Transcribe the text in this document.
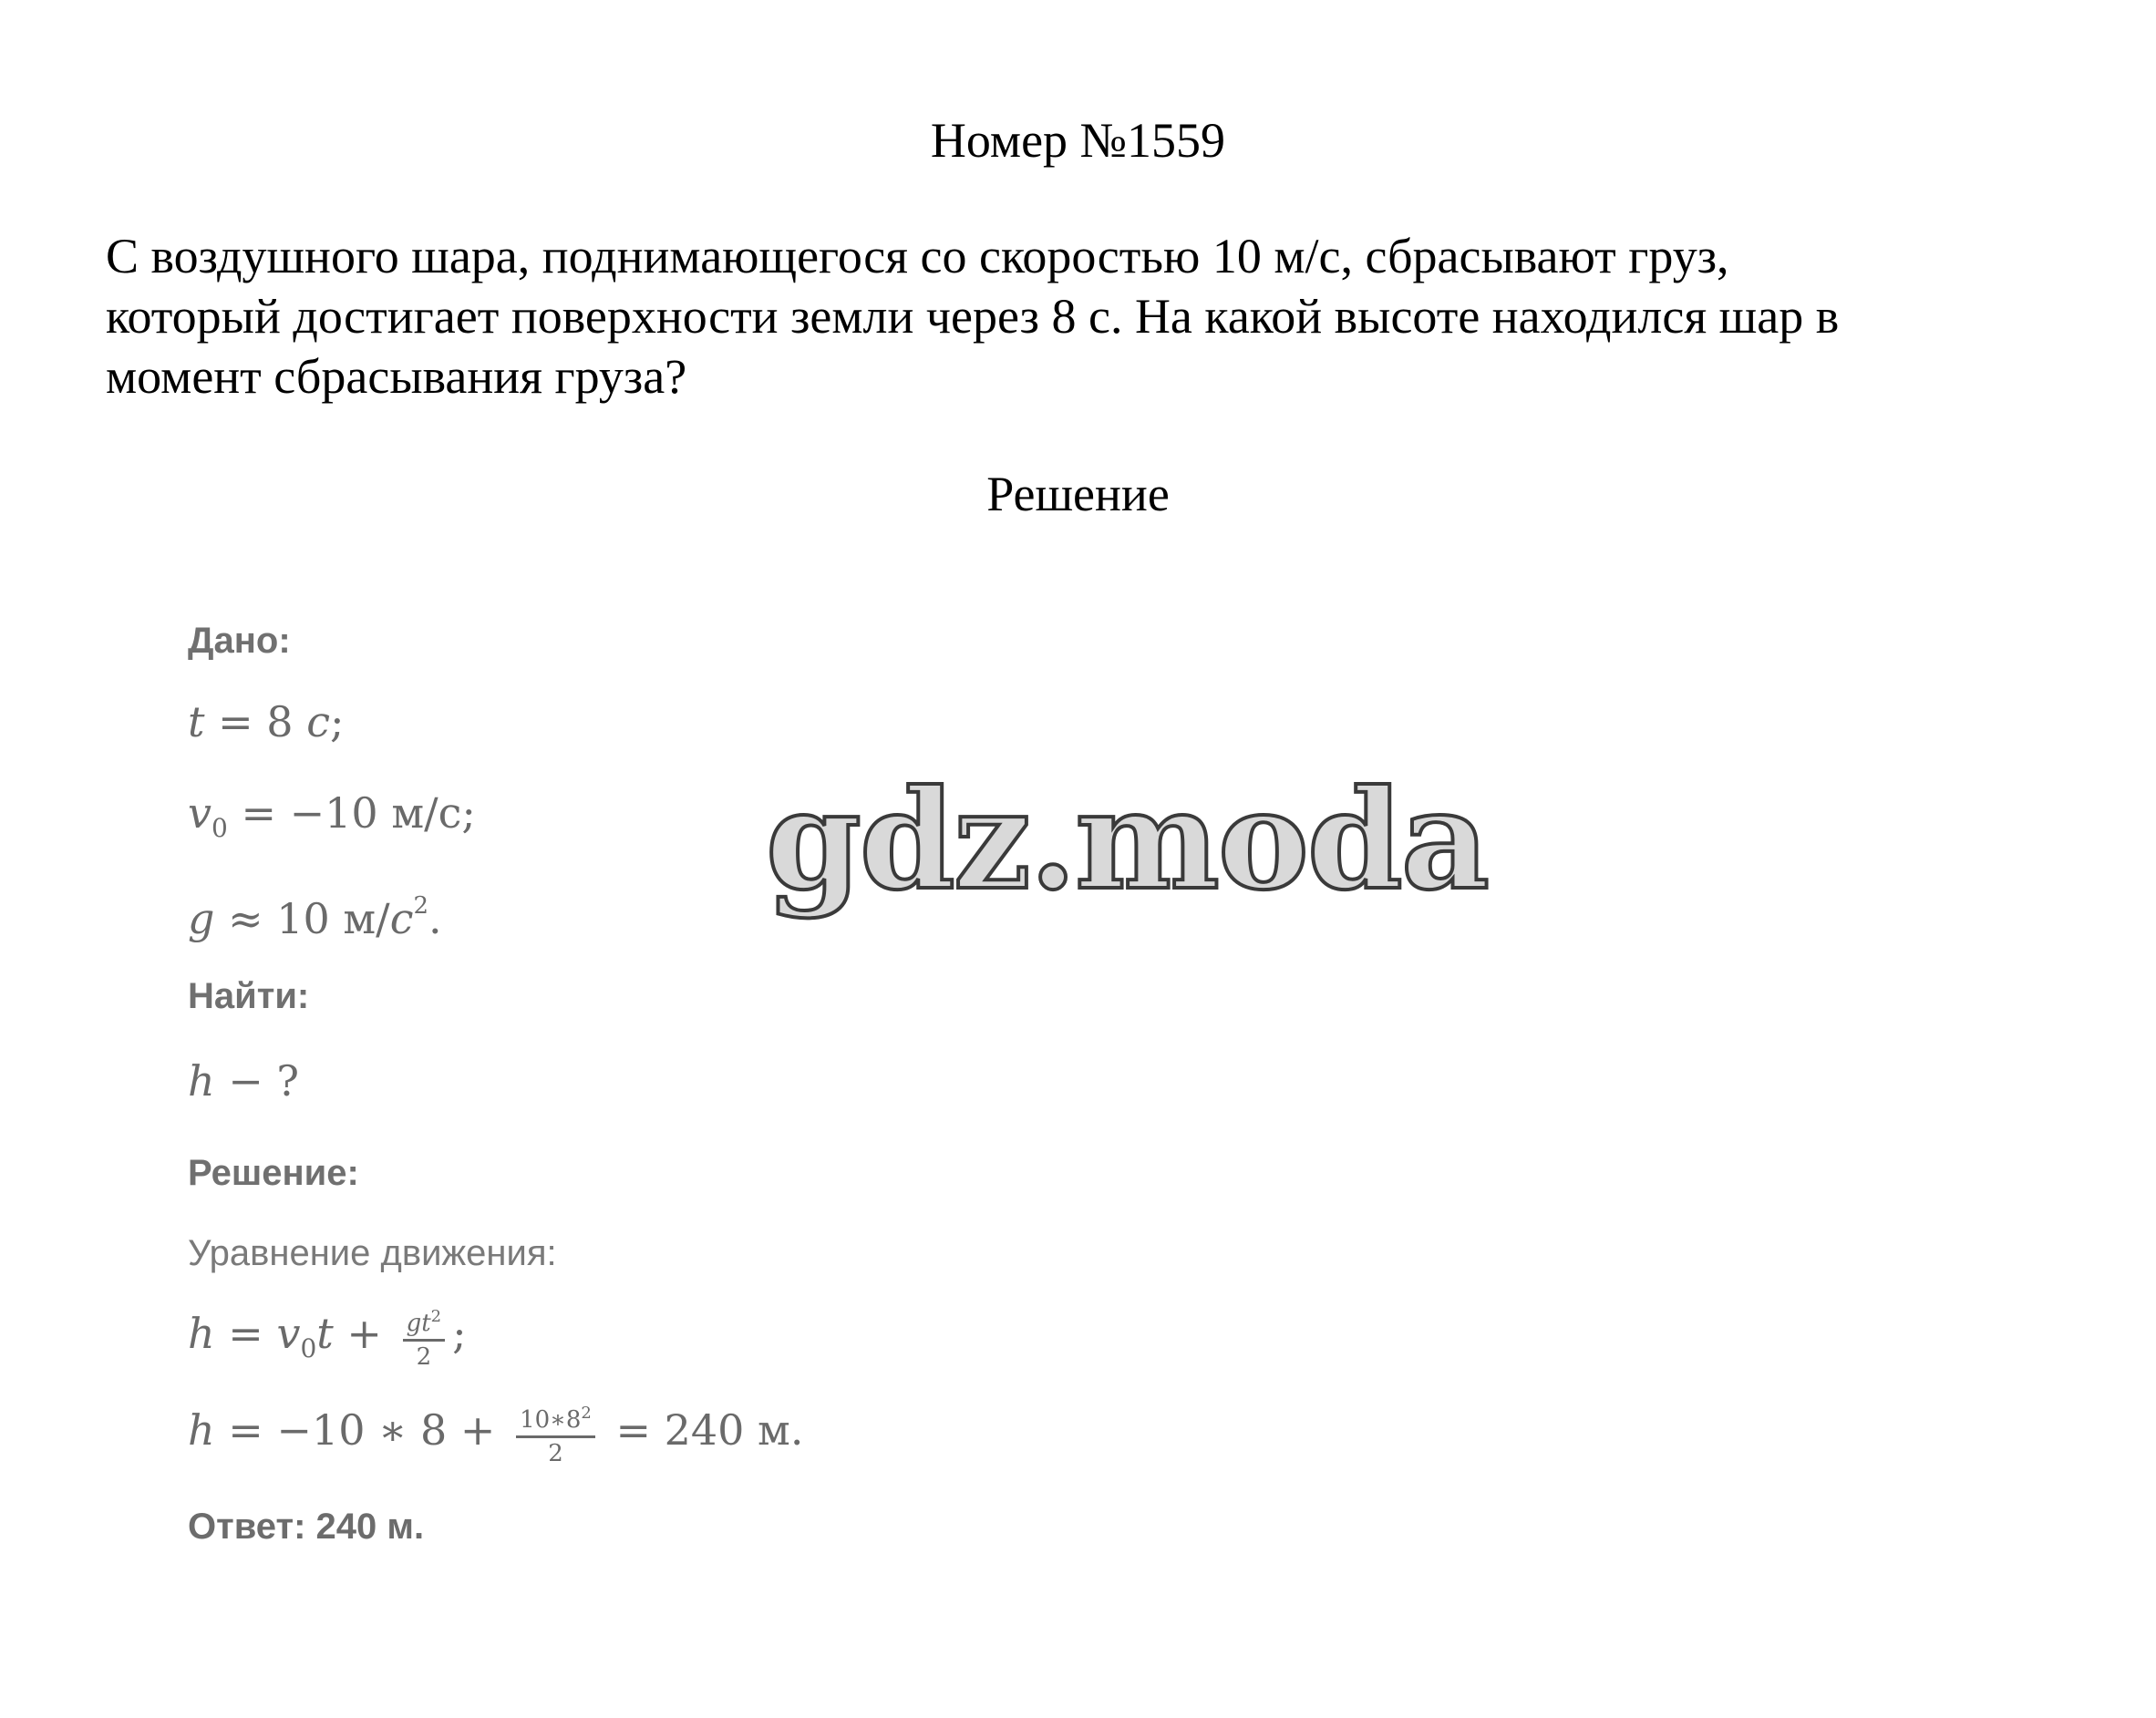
Номер №1559
С воздушного шара, поднимающегося со скоростью 10 м/с, сбрасывают груз,
который достигает поверхности земли через 8 с. На какой высоте находился шар в
момент сбрасывания груза?
Решение
Дано:
t = 8 c;
$v_0 = -10$ м/с;
g ≈ 10 $м/c^2$.
Найти:
h − ?
Решение:
Уравнение движения:
$h = v_0t + \frac{gt^2}{2}$ ;
h = −10 ∗ $8 + \frac{10∗8^2}{2} = 240$ м.
Ответ: 240 м.
gdz.moda
